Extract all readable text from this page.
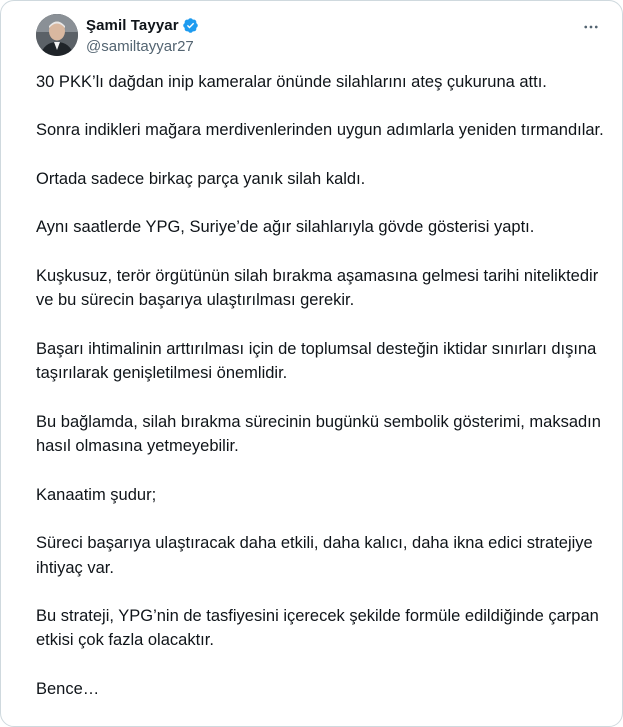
Şamil Tayyar
@samiltayyar27

30 PKK’lı dağdan inip kameralar önünde silahlarını ateş çukuruna attı.

Sonra indikleri mağara merdivenlerinden uygun adımlarla yeniden tırmandılar.

Ortada sadece birkaç parça yanık silah kaldı.

Aynı saatlerde YPG, Suriye’de ağır silahlarıyla gövde gösterisi yaptı.

Kuşkusuz, terör örgütünün silah bırakma aşamasına gelmesi tarihi niteliktedir ve bu sürecin başarıya ulaştırılması gerekir.

Başarı ihtimalinin arttırılması için de toplumsal desteğin iktidar sınırları dışına taşırılarak genişletilmesi önemlidir.

Bu bağlamda, silah bırakma sürecinin bugünkü sembolik gösterimi, maksadın hasıl olmasına yetmeyebilir.

Kanaatim şudur;

Süreci başarıya ulaştıracak daha etkili, daha kalıcı, daha ikna edici stratejiye ihtiyaç var.

Bu strateji, YPG’nin de tasfiyesini içerecek şekilde formüle edildiğinde çarpan etkisi çok fazla olacaktır.

Bence…
